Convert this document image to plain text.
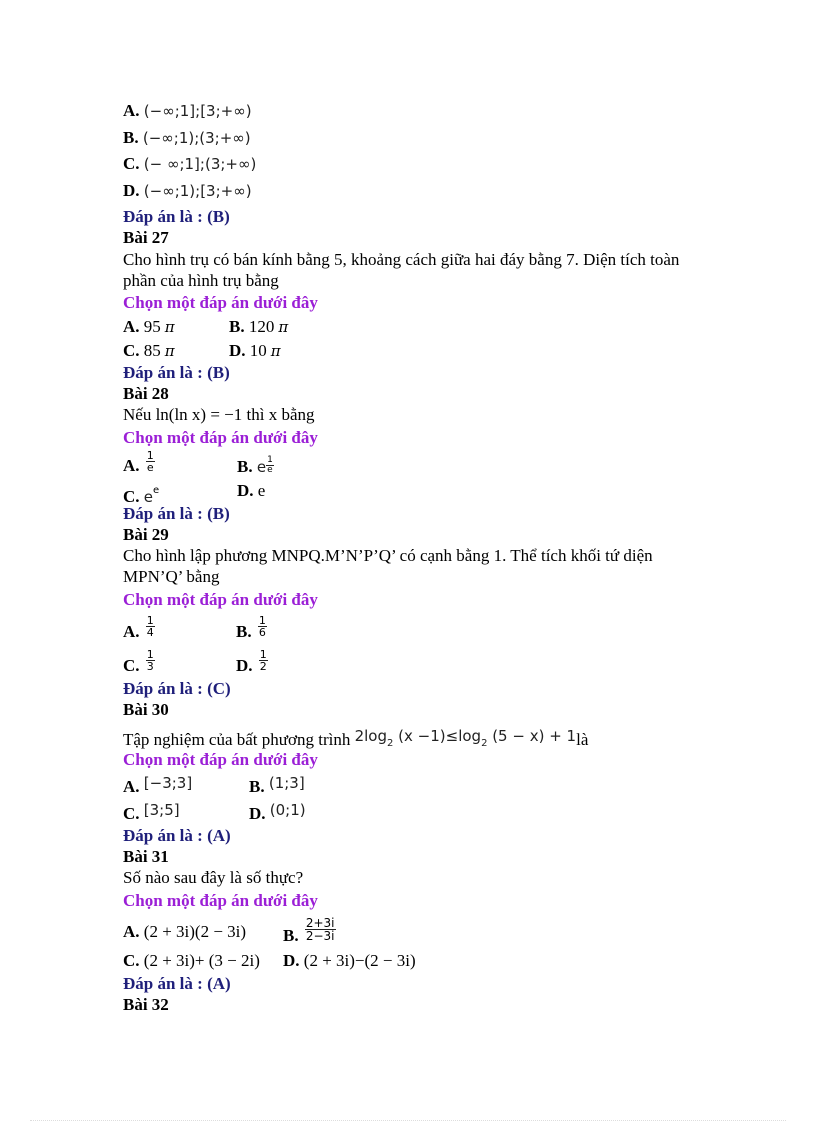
A. (−∞;1];[3;+∞)
B. (−∞;1);(3;+∞)
C. (− ∞;1];(3;+∞)
D. (−∞;1);[3;+∞)
Đáp án là : (B)
Bài 27
Cho hình trụ có bán kính bằng 5, khoảng cách giữa hai đáy bằng 7. Diện tích toàn
phần của hình trụ bằng
Chọn một đáp án dưới đây
A. 95 π	B. 120 π
C. 85 π	D. 10 π
Đáp án là : (B)
Bài 28
Nếu ln(ln x) = −1 thì x bằng
Chọn một đáp án dưới đây
A. $\frac{1}{e}$	B. e $\frac{1}{e}$
C. $e^e$	D. e
Đáp án là : (B)
Bài 29
Cho hình lập phương MNPQ.M’N’P’Q’ có cạnh bằng 1. Thể tích khối tứ diện
MPN’Q’ bằng
Chọn một đáp án dưới đây
A. $\frac{1}{4}$	B. $\frac{1}{6}$
C. $\frac{1}{3}$	D. $\frac{1}{2}$
Đáp án là : (C)
Bài 30
Tập nghiệm của bất phương trình $2\log_2$ $(x -1)\le\log_2$ (5 − x) + 1là
Chọn một đáp án dưới đây
A. [−3;3]	B. (1;3]
C. [3;5]	D. (0;1)
Đáp án là : (A)
Bài 31
Số nào sau đây là số thực?
Chọn một đáp án dưới đây
A. (2 + 3i)(2 − 3i) B. $\frac{2+3i}{2-3i}$
C. (2 + 3i)+ (3 − 2i) D. (2 + 3i)−(2 − 3i)
Đáp án là : (A)
Bài 32
